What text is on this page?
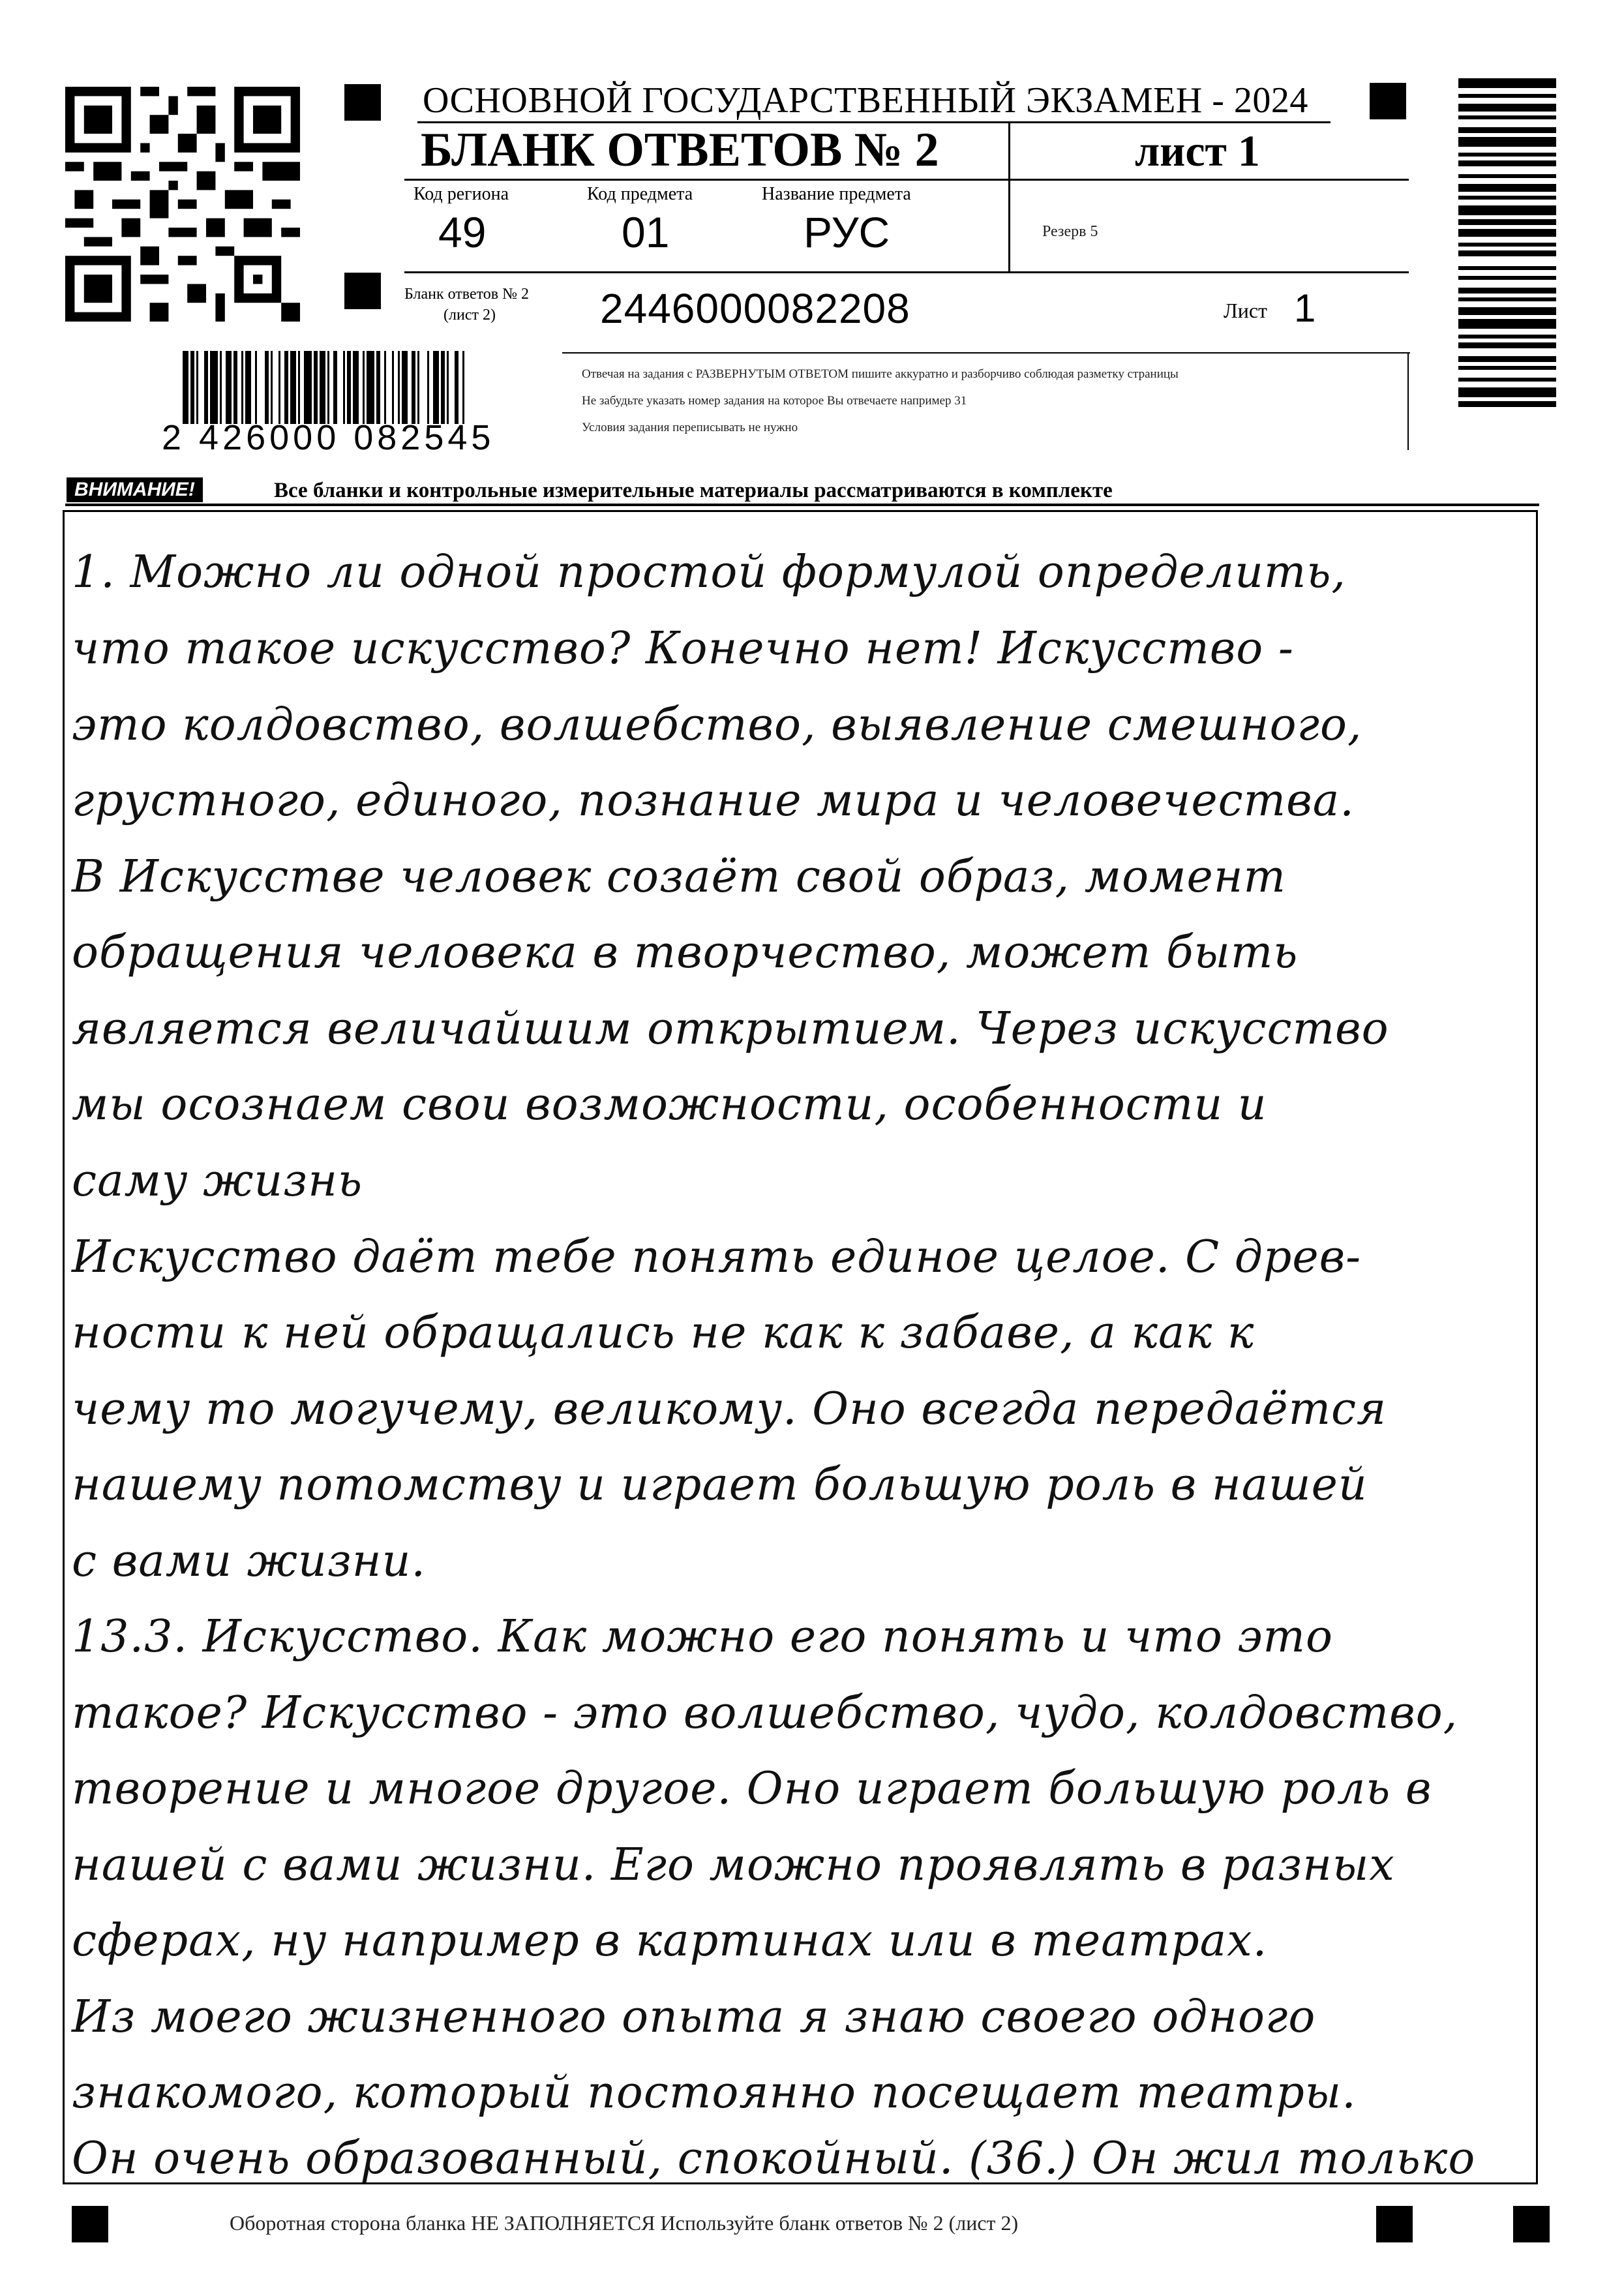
ОСНОВНОЙ ГОСУДАРСТВЕННЫЙ ЭКЗАМЕН - 2024
БЛАНК ОТВЕТОВ № 2	лист 1
Код региона
49
Код предмета
01
Название предмета
РУС	Резерв 5
Бланк ответов № 2
(лист 2)	2446000082208	Лист 1
2 426000 082545
Отвечая на задания с РАЗВЕРНУТЫМ ОТВЕТОМ пишите аккуратно и разборчиво соблюдая разметку страницы
Не забудьте указать номер задания на которое Вы отвечаете например 31
Условия задания переписывать не нужно
ВНИМАНИЕ!	Все бланки и контрольные измерительные материалы рассматриваются в комплекте
1. Можно ли одной простой формулой определить,
что такое искусство? Конечно нет! Искусство -
это колдовство, волшебство, выявление смешного,
грустного, единого, познание мира и человечества.
В Искусстве человек созаёт свой образ, момент
обращения человека в творчество, может быть
является величайшим открытием. Через искусство
мы осознаем свои возможности, особенности и
саму жизнь
Искусство даёт тебе понять единое целое. С древ-
ности к ней обращались не как к забаве, а как к
чему то могучему, великому. Оно всегда передаётся
нашему потомству и играет большую роль в нашей
с вами жизни.
13.3. Искусство. Как можно его понять и что это
такое? Искусство - это волшебство, чудо, колдовство,
творение и многое другое. Оно играет большую роль в
нашей с вами жизни. Его можно проявлять в разных
сферах, ну например в картинах или в театрах.
Из моего жизненного опыта я знаю своего одного
знакомого, который постоянно посещает театры.
Он очень образованный, спокойный. (36.) Он жил только
Оборотная сторона бланка НЕ ЗАПОЛНЯЕТСЯ Используйте бланк ответов № 2 (лист 2)
